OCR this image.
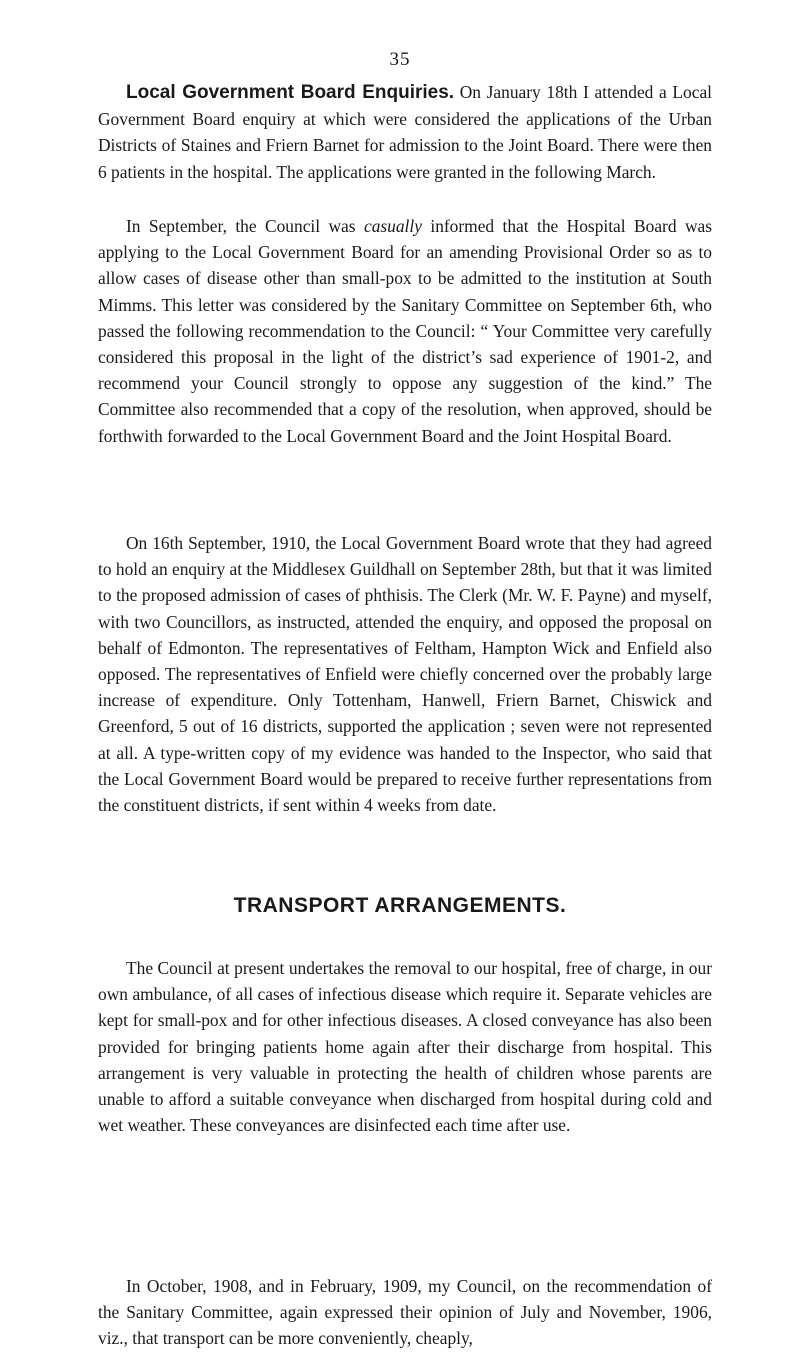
35

Local Government Board Enquiries. On January 18th I attended a Local Government Board enquiry at which were considered the applications of the Urban Districts of Staines and Friern Barnet for admission to the Joint Board. There were then 6 patients in the hospital. The applications were granted in the following March.

In September, the Council was casually informed that the Hospital Board was applying to the Local Government Board for an amending Provisional Order so as to allow cases of disease other than small-pox to be admitted to the institution at South Mimms. This letter was considered by the Sanitary Committee on September 6th, who passed the following recommendation to the Council: “ Your Committee very carefully considered this proposal in the light of the district’s sad experience of 1901-2, and recommend your Council strongly to oppose any suggestion of the kind.” The Committee also recommended that a copy of the resolution, when approved, should be forthwith forwarded to the Local Government Board and the Joint Hospital Board.

On 16th September, 1910, the Local Government Board wrote that they had agreed to hold an enquiry at the Middlesex Guildhall on September 28th, but that it was limited to the proposed admission of cases of phthisis. The Clerk (Mr. W. F. Payne) and myself, with two Councillors, as instructed, attended the enquiry, and opposed the proposal on behalf of Edmonton. The representatives of Feltham, Hampton Wick and Enfield also opposed. The representatives of Enfield were chiefly concerned over the probably large increase of expenditure. Only Tottenham, Hanwell, Friern Barnet, Chiswick and Greenford, 5 out of 16 districts, supported the application ; seven were not represented at all. A type-written copy of my evidence was handed to the Inspector, who said that the Local Government Board would be prepared to receive further representations from the constituent districts, if sent within 4 weeks from date.

TRANSPORT ARRANGEMENTS.

The Council at present undertakes the removal to our hospital, free of charge, in our own ambulance, of all cases of infectious disease which require it. Separate vehicles are kept for small-pox and for other infectious diseases. A closed conveyance has also been provided for bringing patients home again after their discharge from hospital. This arrangement is very valuable in protecting the health of children whose parents are unable to afford a suitable conveyance when discharged from hospital during cold and wet weather. These conveyances are disinfected each time after use.

In October, 1908, and in February, 1909, my Council, on the recommendation of the Sanitary Committee, again expressed their opinion of July and November, 1906, viz., that transport can be more conveniently, cheaply,
